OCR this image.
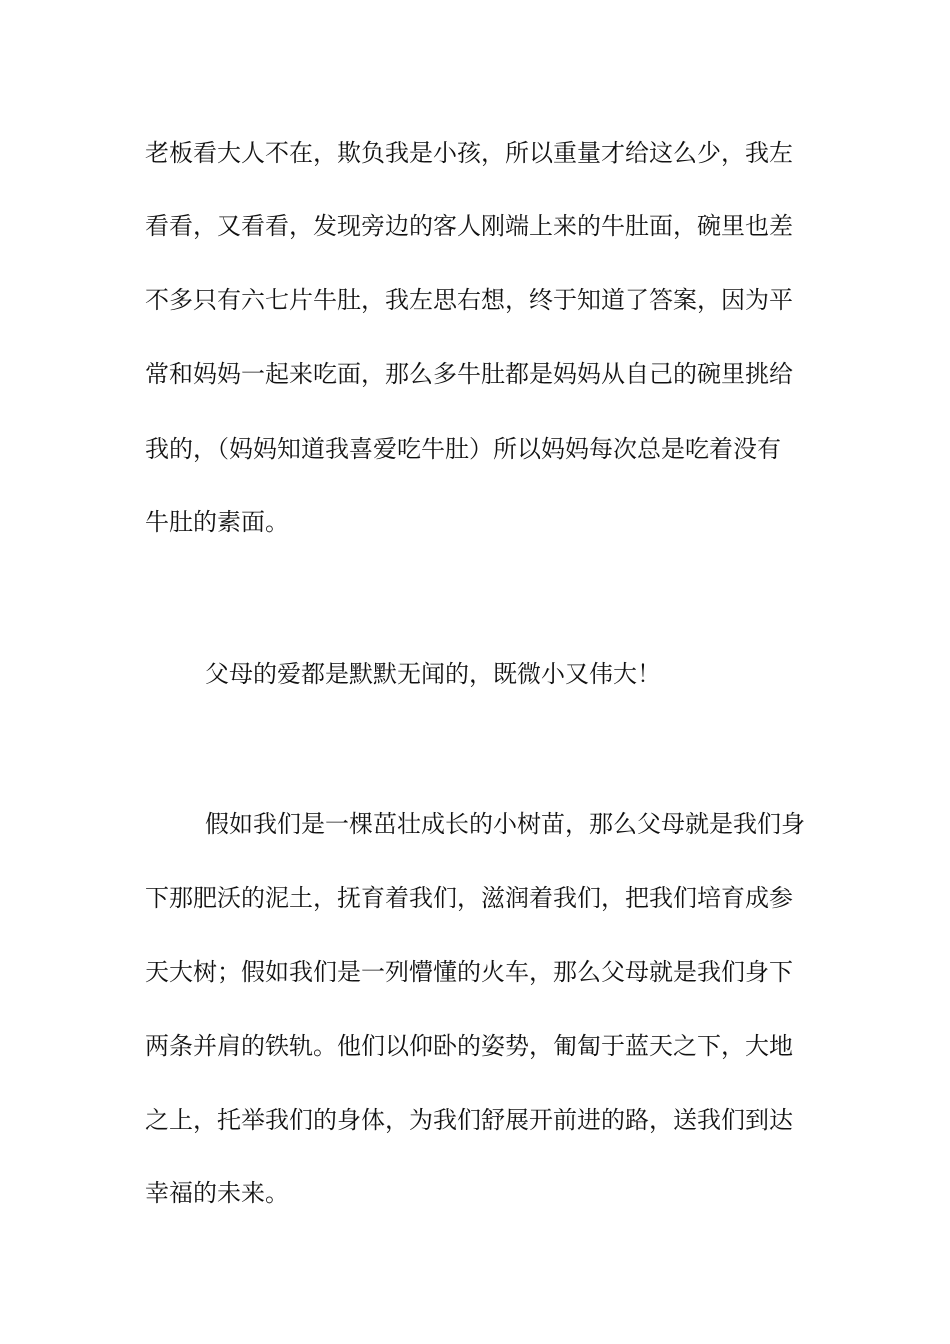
老板看大人不在，欺负我是小孩，所以重量才给这么少，我左
看看，又看看，发现旁边的客人刚端上来的牛肚面，碗里也差
不多只有六七片牛肚，我左思右想，终于知道了答案，因为平
常和妈妈一起来吃面，那么多牛肚都是妈妈从自己的碗里挑给
我的，（妈妈知道我喜爱吃牛肚）所以妈妈每次总是吃着没有
牛肚的素面。
父母的爱都是默默无闻的，既微小又伟大！
假如我们是一棵茁壮成长的小树苗，那么父母就是我们身
下那肥沃的泥土，抚育着我们，滋润着我们，把我们培育成参
天大树；假如我们是一列懵懂的火车，那么父母就是我们身下
两条并肩的铁轨。他们以仰卧的姿势，匍匐于蓝天之下，大地
之上，托举我们的身体，为我们舒展开前进的路，送我们到达
幸福的未来。
